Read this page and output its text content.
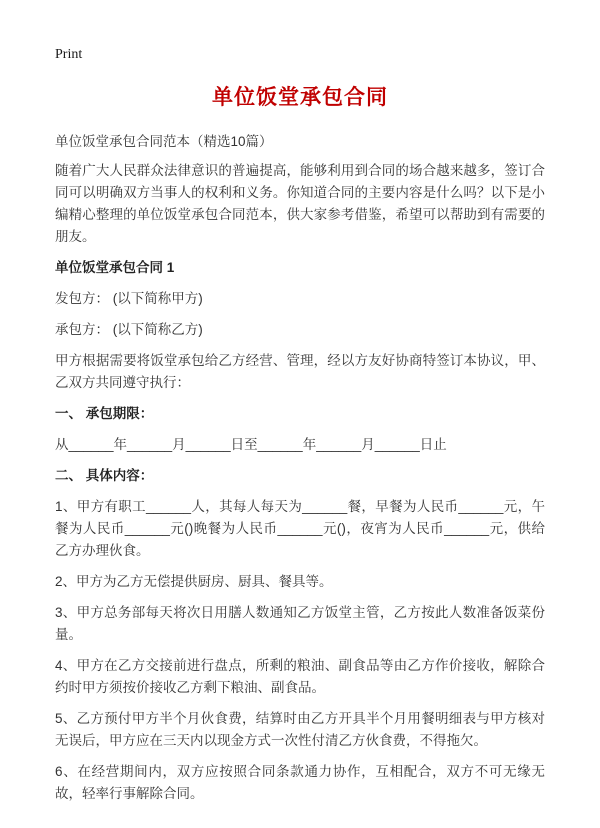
Print
单位饭堂承包合同
单位饭堂承包合同范本（精选10篇）

随着广大人民群众法律意识的普遍提高，能够利用到合同的场合越来越多，签订合同可以明确双方当事人的权利和义务。你知道合同的主要内容是什么吗？以下是小编精心整理的单位饭堂承包合同范本，供大家参考借鉴，希望可以帮助到有需要的朋友。

单位饭堂承包合同 1

发包方： (以下简称甲方)

承包方： (以下简称乙方)

甲方根据需要将饭堂承包给乙方经营、管理，经以方友好协商特签订本协议，甲、乙双方共同遵守执行：

一、 承包期限：

从______年______月______日至______年______月______日止

二、 具体内容：

1、甲方有职工______人，其每人每天为______餐，早餐为人民币______元，午餐为人民币______元()晚餐为人民币______元()，夜宵为人民币______元，供给乙方办理伙食。

2、甲方为乙方无偿提供厨房、厨具、餐具等。

3、甲方总务部每天将次日用膳人数通知乙方饭堂主管，乙方按此人数准备饭菜份量。

4、甲方在乙方交接前进行盘点，所剩的粮油、副食品等由乙方作价接收，解除合约时甲方须按价接收乙方剩下粮油、副食品。

5、乙方预付甲方半个月伙食费，结算时由乙方开具半个月用餐明细表与甲方核对无误后，甲方应在三天内以现金方式一次性付清乙方伙食费，不得拖欠。

6、在经营期间内，双方应按照合同条款通力协作，互相配合，双方不可无缘无故，轻率行事解除合同。
